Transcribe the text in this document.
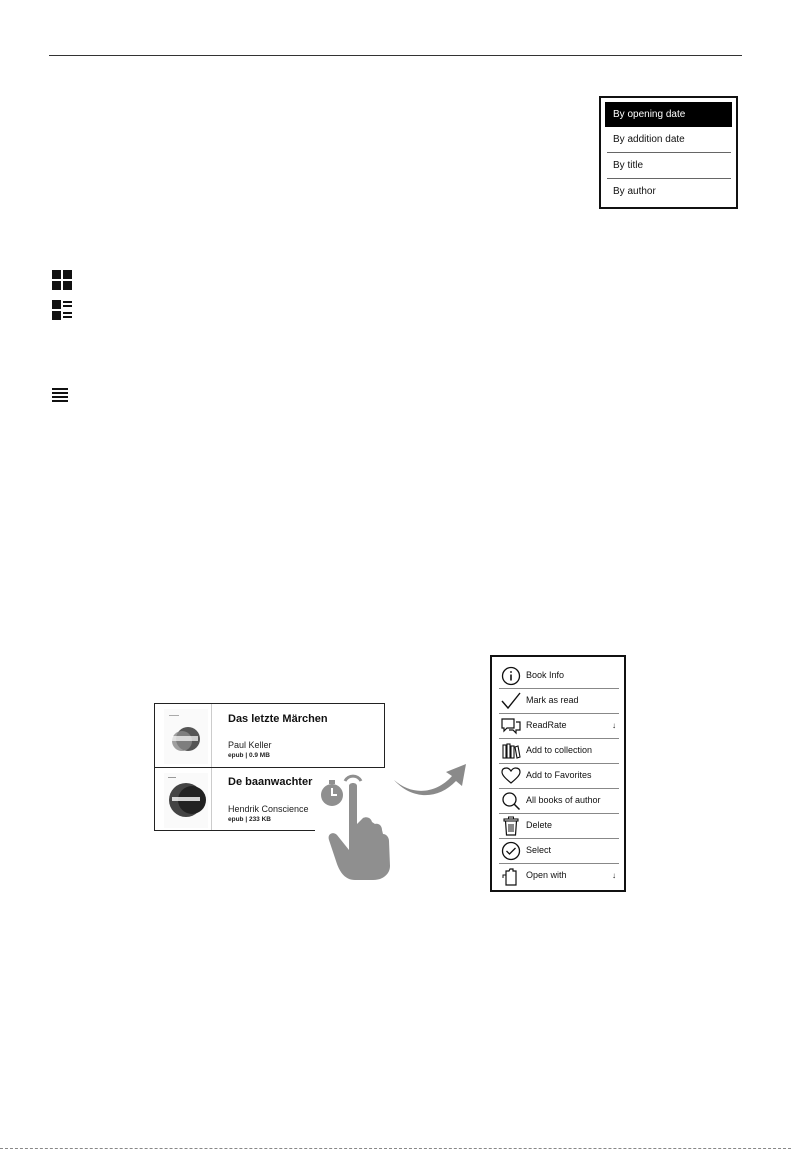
By opening date
By addition date
By title
By author
Das letzte Märchen
Paul Keller
epub | 0.9 MB
De baanwachter
Hendrik Conscience
epub | 233 KB
Book Info
Mark as read
ReadRate	↓
Add to collection
Add to Favorites
All books of author
Delete
Select
Open with	↓
